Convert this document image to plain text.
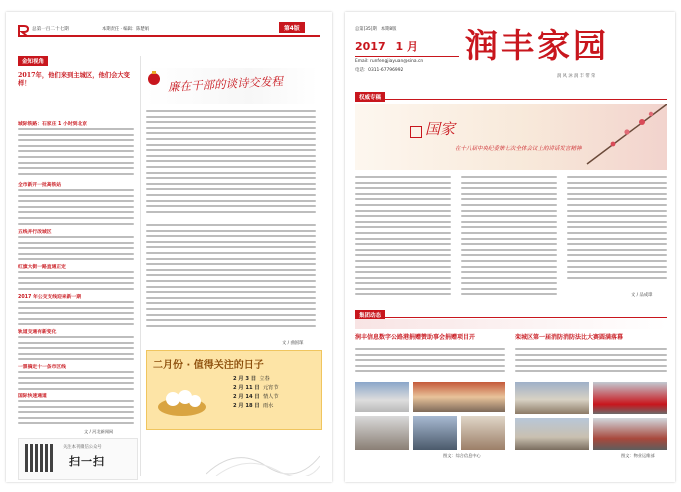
总第一百二十七期	本期责任 · 编辑：陈楚娟	第4版
金知视角
2017年，他们来到主城区，他们会大变样！
城际铁路：石家庄 1 小时到北京
全市新开一批高铁站
五线并行改城区
红旗大街一路直通正定
2017 年公交支线迎来新一期
轨道交通有新变化
一票搞定十一条市区线
国际快速通道
文 / 河北新闻网
关注本刊微信公众号
扫一扫
廉在干部的谈诗交发程
文 / 曲国琛
二月份 · 值得关注的日子
2 月 3 日 立春
2 月 11 日 元宵节
2 月 14 日 情人节
2 月 18 日 雨水
总第[35]期 本期8版
2017 1 月
Email: runfengjiayuan@sina.cn
电话：0311-67796992
润丰家园
润 风 沐 润 丰 带 荣
权威专稿
国家
在十八届中央纪委第七次全体会议上的讲话发言精神
文 / 品成璋
集团动态
润丰信息数字公路港捐赠赞助事会捐赠项目开	栾城区第一届消防消防法比大赛圆满落幕
图文：综合信息中心	图文：物业运维部
